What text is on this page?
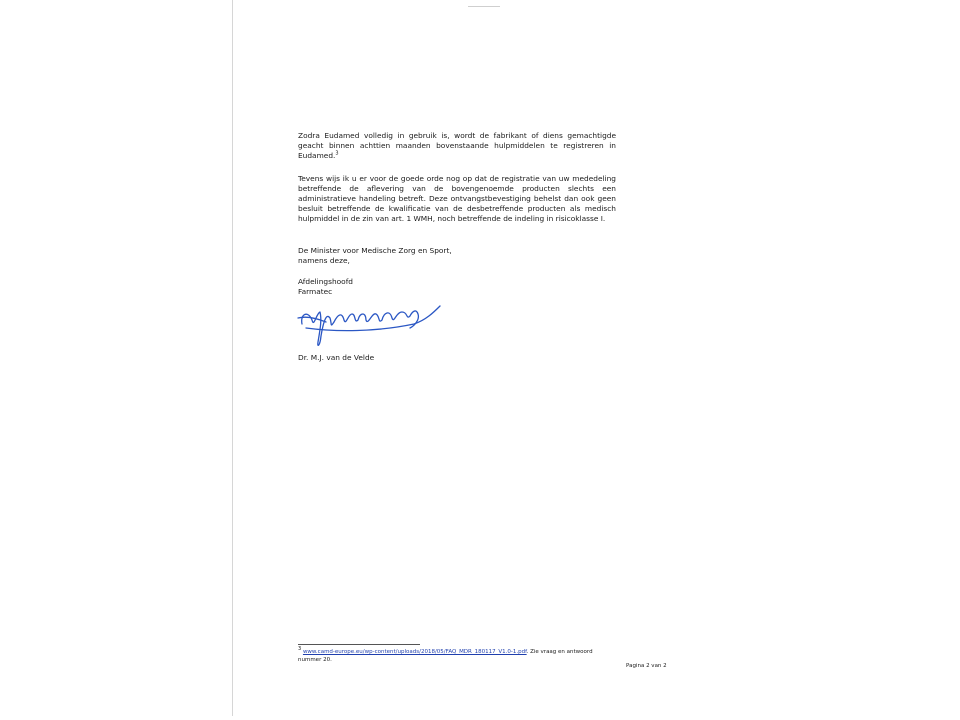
Zodra Eudamed volledig in gebruik is, wordt de fabrikant of diens gemachtigde geacht binnen achttien maanden bovenstaande hulpmiddelen te registreren in Eudamed.$^3$

Tevens wijs ik u er voor de goede orde nog op dat de registratie van uw mededeling betreffende de aflevering van de bovengenoemde producten slechts een administratieve handeling betreft. Deze ontvangstbevestiging behelst dan ook geen besluit betreffende de kwalificatie van de desbetreffende producten als medisch hulpmiddel in de zin van art. 1 WMH, noch betreffende de indeling in risicoklasse I.

De Minister voor Medische Zorg en Sport,

namens deze,

Afdelingshoofd

Farmatec

Dr. M.J. van de Velde

$^3$ www.camd-europe.eu/wp-content/uploads/2018/05/FAQ_MDR_180117_V1.0-1.pdf. Zie vraag en antwoord nummer 20.

Pagina 2 van 2
